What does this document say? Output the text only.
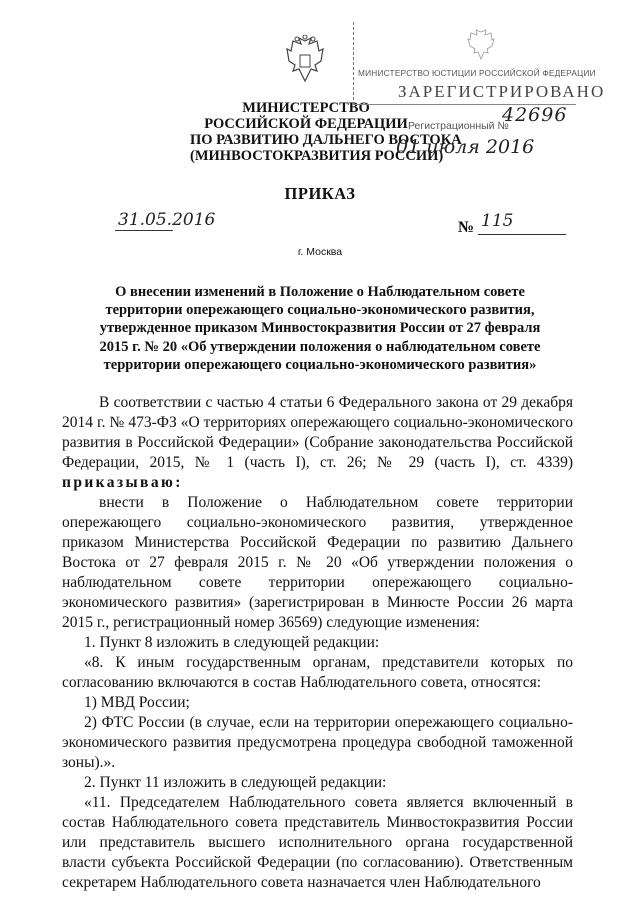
МИНИСТЕРСТВО
РОССИЙСКОЙ ФЕДЕРАЦИИ
ПО РАЗВИТИЮ ДАЛЬНЕГО ВОСТОКА
(МИНВОСТОКРАЗВИТИЯ РОССИИ)
МИНИСТЕРСТВО ЮСТИЦИИ РОССИЙСКОЙ ФЕДЕРАЦИИ
ЗАРЕГИСТРИРОВАНО
Регистрационный №
42696
01 июля 2016
ПРИКАЗ
31.05.2016	№ 115
г. Москва
О внесении изменений в Положение о Наблюдательном совете территории опережающего социально-экономического развития, утвержденное приказом Минвостокразвития России от 27 февраля 2015 г. № 20 «Об утверждении положения о наблюдательном совете территории опережающего социально-экономического развития»

В соответствии с частью 4 статьи 6 Федерального закона от 29 декабря 2014 г. № 473-ФЗ «О территориях опережающего социально-экономического развития в Российской Федерации» (Собрание законодательства Российской Федерации, 2015, № 1 (часть I), ст. 26; № 29 (часть I), ст. 4339) приказываю:

внести в Положение о Наблюдательном совете территории опережающего социально-экономического развития, утвержденное приказом Министерства Российской Федерации по развитию Дальнего Востока от 27 февраля 2015 г. № 20 «Об утверждении положения о наблюдательном совете территории опережающего социально-экономического развития» (зарегистрирован в Минюсте России 26 марта 2015 г., регистрационный номер 36569) следующие изменения:

1. Пункт 8 изложить в следующей редакции:

«8. К иным государственным органам, представители которых по согласованию включаются в состав Наблюдательного совета, относятся:

1) МВД России;

2) ФТС России (в случае, если на территории опережающего социально-экономического развития предусмотрена процедура свободной таможенной зоны).».

2. Пункт 11 изложить в следующей редакции:

«11. Председателем Наблюдательного совета является включенный в состав Наблюдательного совета представитель Минвостокразвития России или представитель высшего исполнительного органа государственной власти субъекта Российской Федерации (по согласованию). Ответственным секретарем Наблюдательного совета назначается член Наблюдательного
